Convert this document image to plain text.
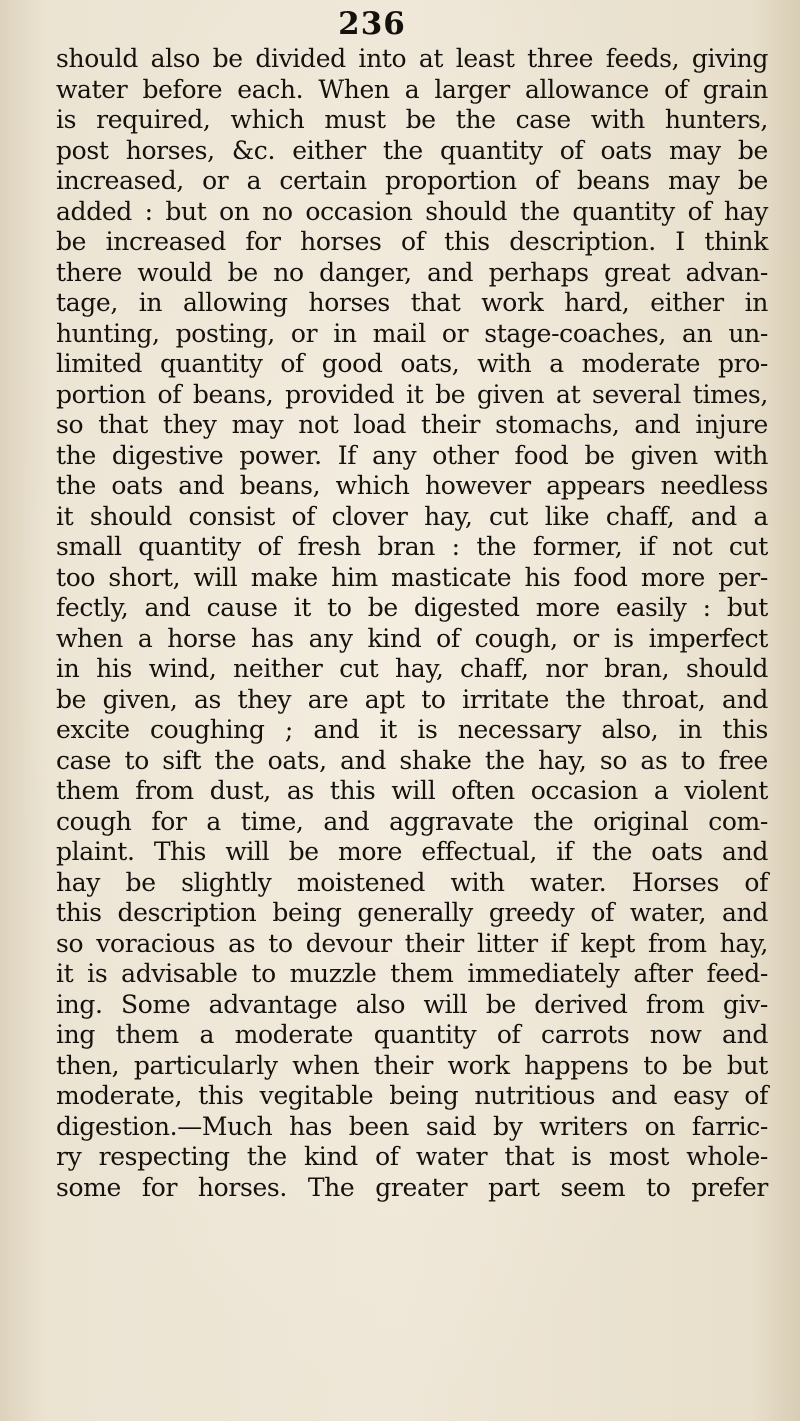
236
should also be divided into at least three feeds, giving
water before each. When a larger allowance of grain
is required, which must be the case with hunters,
post horses, &c. either the quantity of oats may be
increased, or a certain proportion of beans may be
added : but on no occasion should the quantity of hay
be increased for horses of this description. I think
there would be no danger, and perhaps great advan-
tage, in allowing horses that work hard, either in
hunting, posting, or in mail or stage-coaches, an un-
limited quantity of good oats, with a moderate pro-
portion of beans, provided it be given at several times,
so that they may not load their stomachs, and injure
the digestive power. If any other food be given with
the oats and beans, which however appears needless
it should consist of clover hay, cut like chaff, and a
small quantity of fresh bran : the former, if not cut
too short, will make him masticate his food more per-
fectly, and cause it to be digested more easily : but
when a horse has any kind of cough, or is imperfect
in his wind, neither cut hay, chaff, nor bran, should
be given, as they are apt to irritate the throat, and
excite coughing ; and it is necessary also, in this
case to sift the oats, and shake the hay, so as to free
them from dust, as this will often occasion a violent
cough for a time, and aggravate the original com-
plaint. This will be more effectual, if the oats and
hay be slightly moistened with water. Horses of
this description being generally greedy of water, and
so voracious as to devour their litter if kept from hay,
it is advisable to muzzle them immediately after feed-
ing. Some advantage also will be derived from giv-
ing them a moderate quantity of carrots now and
then, particularly when their work happens to be but
moderate, this vegitable being nutritious and easy of
digestion.—Much has been said by writers on farric-
ry respecting the kind of water that is most whole-
some for horses. The greater part seem to prefer
